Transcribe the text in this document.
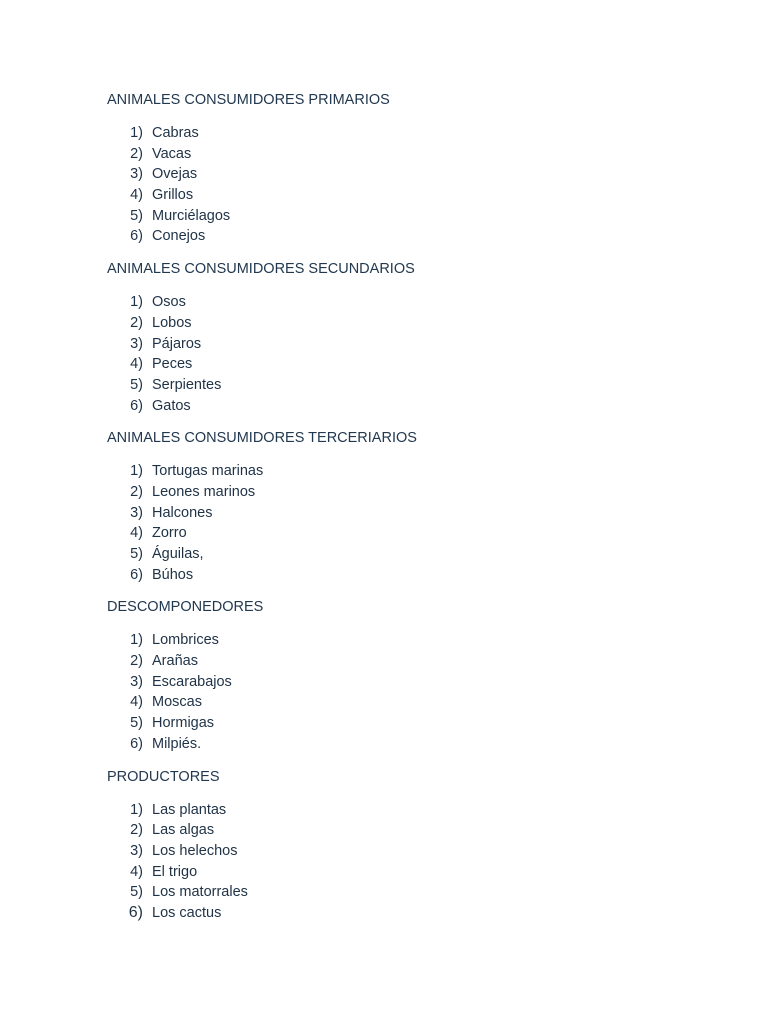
ANIMALES CONSUMIDORES PRIMARIOS
1) Cabras
2) Vacas
3) Ovejas
4) Grillos
5) Murciélagos
6) Conejos
ANIMALES CONSUMIDORES SECUNDARIOS
1) Osos
2) Lobos
3) Pájaros
4) Peces
5) Serpientes
6) Gatos
ANIMALES CONSUMIDORES TERCERIARIOS
1) Tortugas marinas
2) Leones marinos
3) Halcones
4) Zorro
5) Águilas,
6) Búhos
DESCOMPONEDORES
1) Lombrices
2) Arañas
3) Escarabajos
4) Moscas
5) Hormigas
6) Milpiés.
PRODUCTORES
1) Las plantas
2) Las algas
3) Los helechos
4) El trigo
5) Los matorrales
6) Los cactus
